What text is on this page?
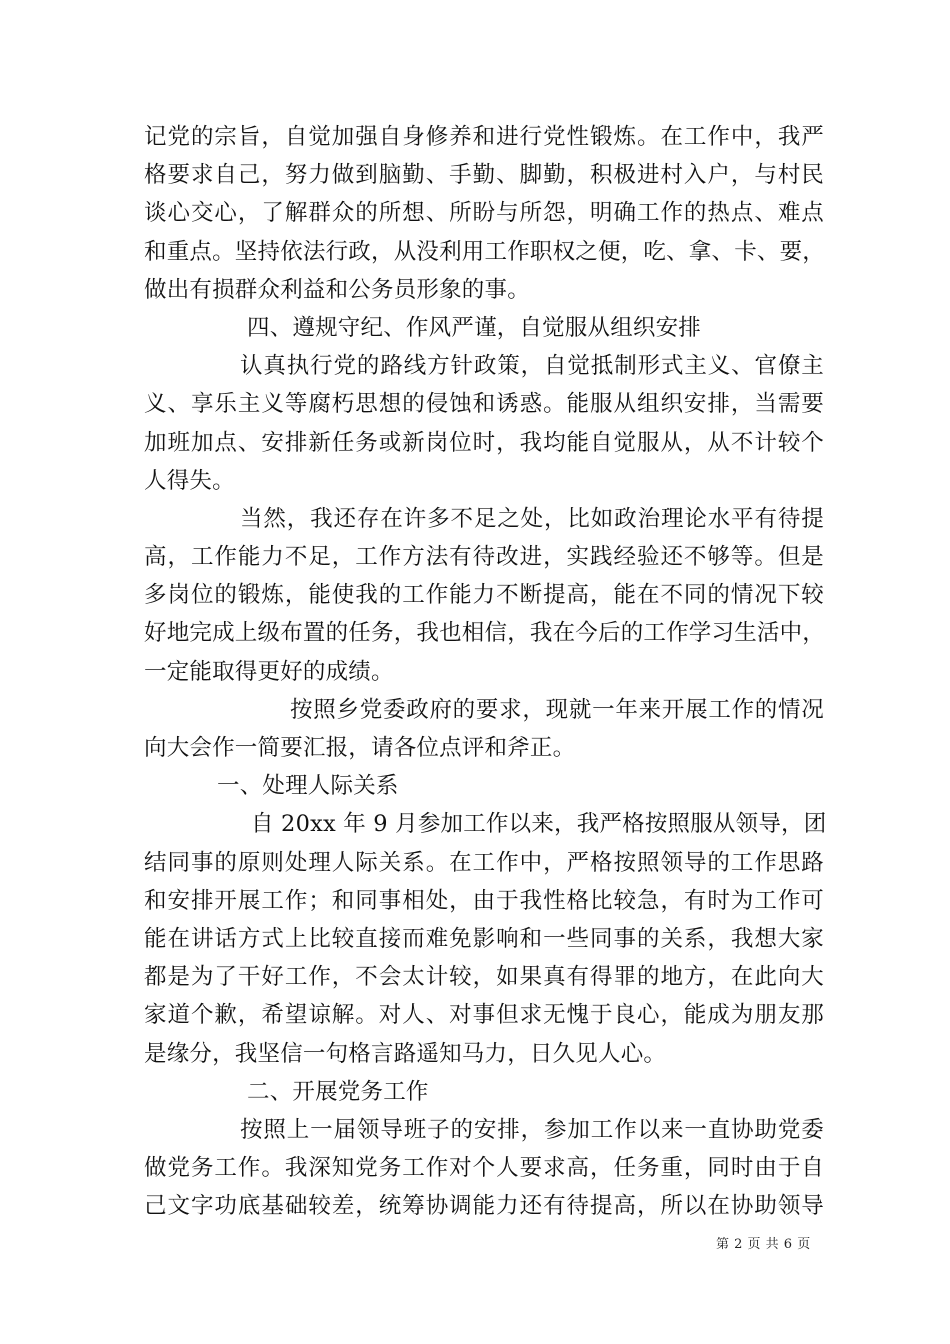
记党的宗旨，自觉加强自身修养和进行党性锻炼。在工作中，我严
格要求自己，努力做到脑勤、手勤、脚勤，积极进村入户，与村民
谈心交心，了解群众的所想、所盼与所怨，明确工作的热点、难点
和重点。坚持依法行政，从没利用工作职权之便，吃、拿、卡、要，
做出有损群众利益和公务员形象的事。
四、遵规守纪、作风严谨，自觉服从组织安排
认真执行党的路线方针政策，自觉抵制形式主义、官僚主
义、享乐主义等腐朽思想的侵蚀和诱惑。能服从组织安排，当需要
加班加点、安排新任务或新岗位时，我均能自觉服从，从不计较个
人得失。
当然，我还存在许多不足之处，比如政治理论水平有待提
高，工作能力不足，工作方法有待改进，实践经验还不够等。但是
多岗位的锻炼，能使我的工作能力不断提高，能在不同的情况下较
好地完成上级布置的任务，我也相信，我在今后的工作学习生活中，
一定能取得更好的成绩。
按照乡党委政府的要求，现就一年来开展工作的情况
向大会作一简要汇报，请各位点评和斧正。
一、处理人际关系
自 20xx 年 9 月参加工作以来，我严格按照服从领导，团
结同事的原则处理人际关系。在工作中，严格按照领导的工作思路
和安排开展工作；和同事相处，由于我性格比较急，有时为工作可
能在讲话方式上比较直接而难免影响和一些同事的关系，我想大家
都是为了干好工作，不会太计较，如果真有得罪的地方，在此向大
家道个歉，希望谅解。对人、对事但求无愧于良心，能成为朋友那
是缘分，我坚信一句格言路遥知马力，日久见人心。
二、开展党务工作
按照上一届领导班子的安排，参加工作以来一直协助党委
做党务工作。我深知党务工作对个人要求高，任务重，同时由于自
己文字功底基础较差，统筹协调能力还有待提高，所以在协助领导
第 2 页 共 6 页
